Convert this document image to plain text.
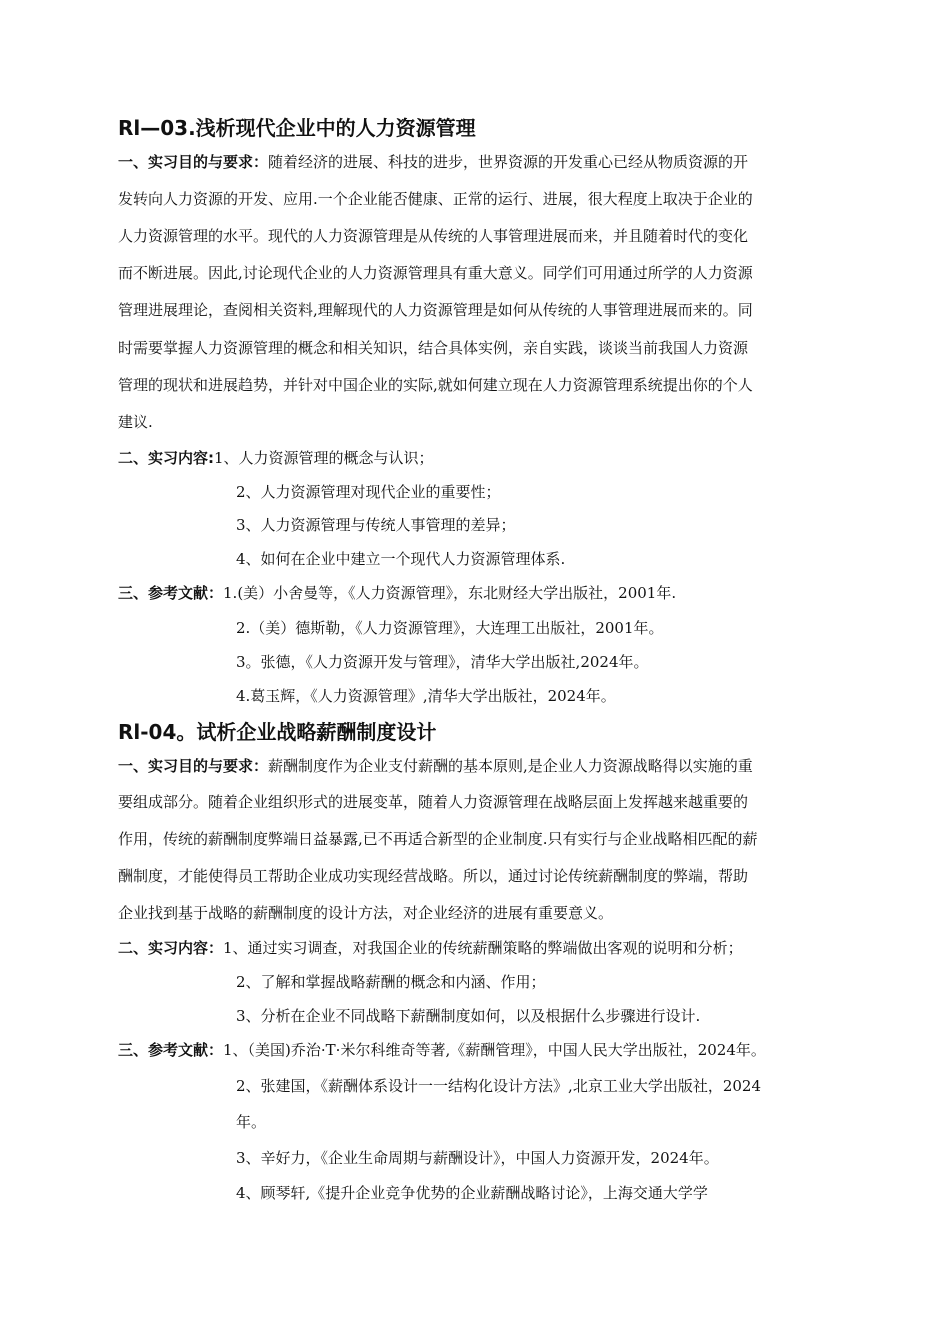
Rl—03.浅析现代企业中的人力资源管理
一、实习目的与要求：随着经济的进展、科技的进步，世界资源的开发重心已经从物质资源的开
发转向人力资源的开发、应用.一个企业能否健康、正常的运行、进展，很大程度上取决于企业的
人力资源管理的水平。现代的人力资源管理是从传统的人事管理进展而来，并且随着时代的变化
而不断进展。因此,讨论现代企业的人力资源管理具有重大意义。同学们可用通过所学的人力资源
管理进展理论，查阅相关资料,理解现代的人力资源管理是如何从传统的人事管理进展而来的。同
时需要掌握人力资源管理的概念和相关知识，结合具体实例，亲自实践，谈谈当前我国人力资源
管理的现状和进展趋势，并针对中国企业的实际,就如何建立现在人力资源管理系统提出你的个人
建议.
二、实习内容:1、人力资源管理的概念与认识；
2、人力资源管理对现代企业的重要性；
3、人力资源管理与传统人事管理的差异；
4、如何在企业中建立一个现代人力资源管理体系.
三、参考文献：1.(美）小舍曼等，《人力资源管理》，东北财经大学出版社，2001年.
2.（美）德斯勒，《人力资源管理》，大连理工出版社，2001年。
3。张德，《人力资源开发与管理》，清华大学出版社,2024年。
4.葛玉辉，《人力资源管理》,清华大学出版社，2024年。
Rl-04。试析企业战略薪酬制度设计
一、实习目的与要求：薪酬制度作为企业支付薪酬的基本原则,是企业人力资源战略得以实施的重
要组成部分。随着企业组织形式的进展变革，随着人力资源管理在战略层面上发挥越来越重要的
作用，传统的薪酬制度弊端日益暴露,已不再适合新型的企业制度.只有实行与企业战略相匹配的薪
酬制度，才能使得员工帮助企业成功实现经营战略。所以，通过讨论传统薪酬制度的弊端，帮助
企业找到基于战略的薪酬制度的设计方法，对企业经济的进展有重要意义。
二、实习内容：1、通过实习调查，对我国企业的传统薪酬策略的弊端做出客观的说明和分析；
2、了解和掌握战略薪酬的概念和内涵、作用；
3、分析在企业不同战略下薪酬制度如何，以及根据什么步骤进行设计.
三、参考文献：1、（美国)乔治·T·米尔科维奇等著,《薪酬管理》，中国人民大学出版社，2024年。
2、张建国，《薪酬体系设计一一结构化设计方法》,北京工业大学出版社，2024
年。
3、辛好力，《企业生命周期与薪酬设计》，中国人力资源开发，2024年。
4、顾琴轩,《提升企业竞争优势的企业薪酬战略讨论》，上海交通大学学
